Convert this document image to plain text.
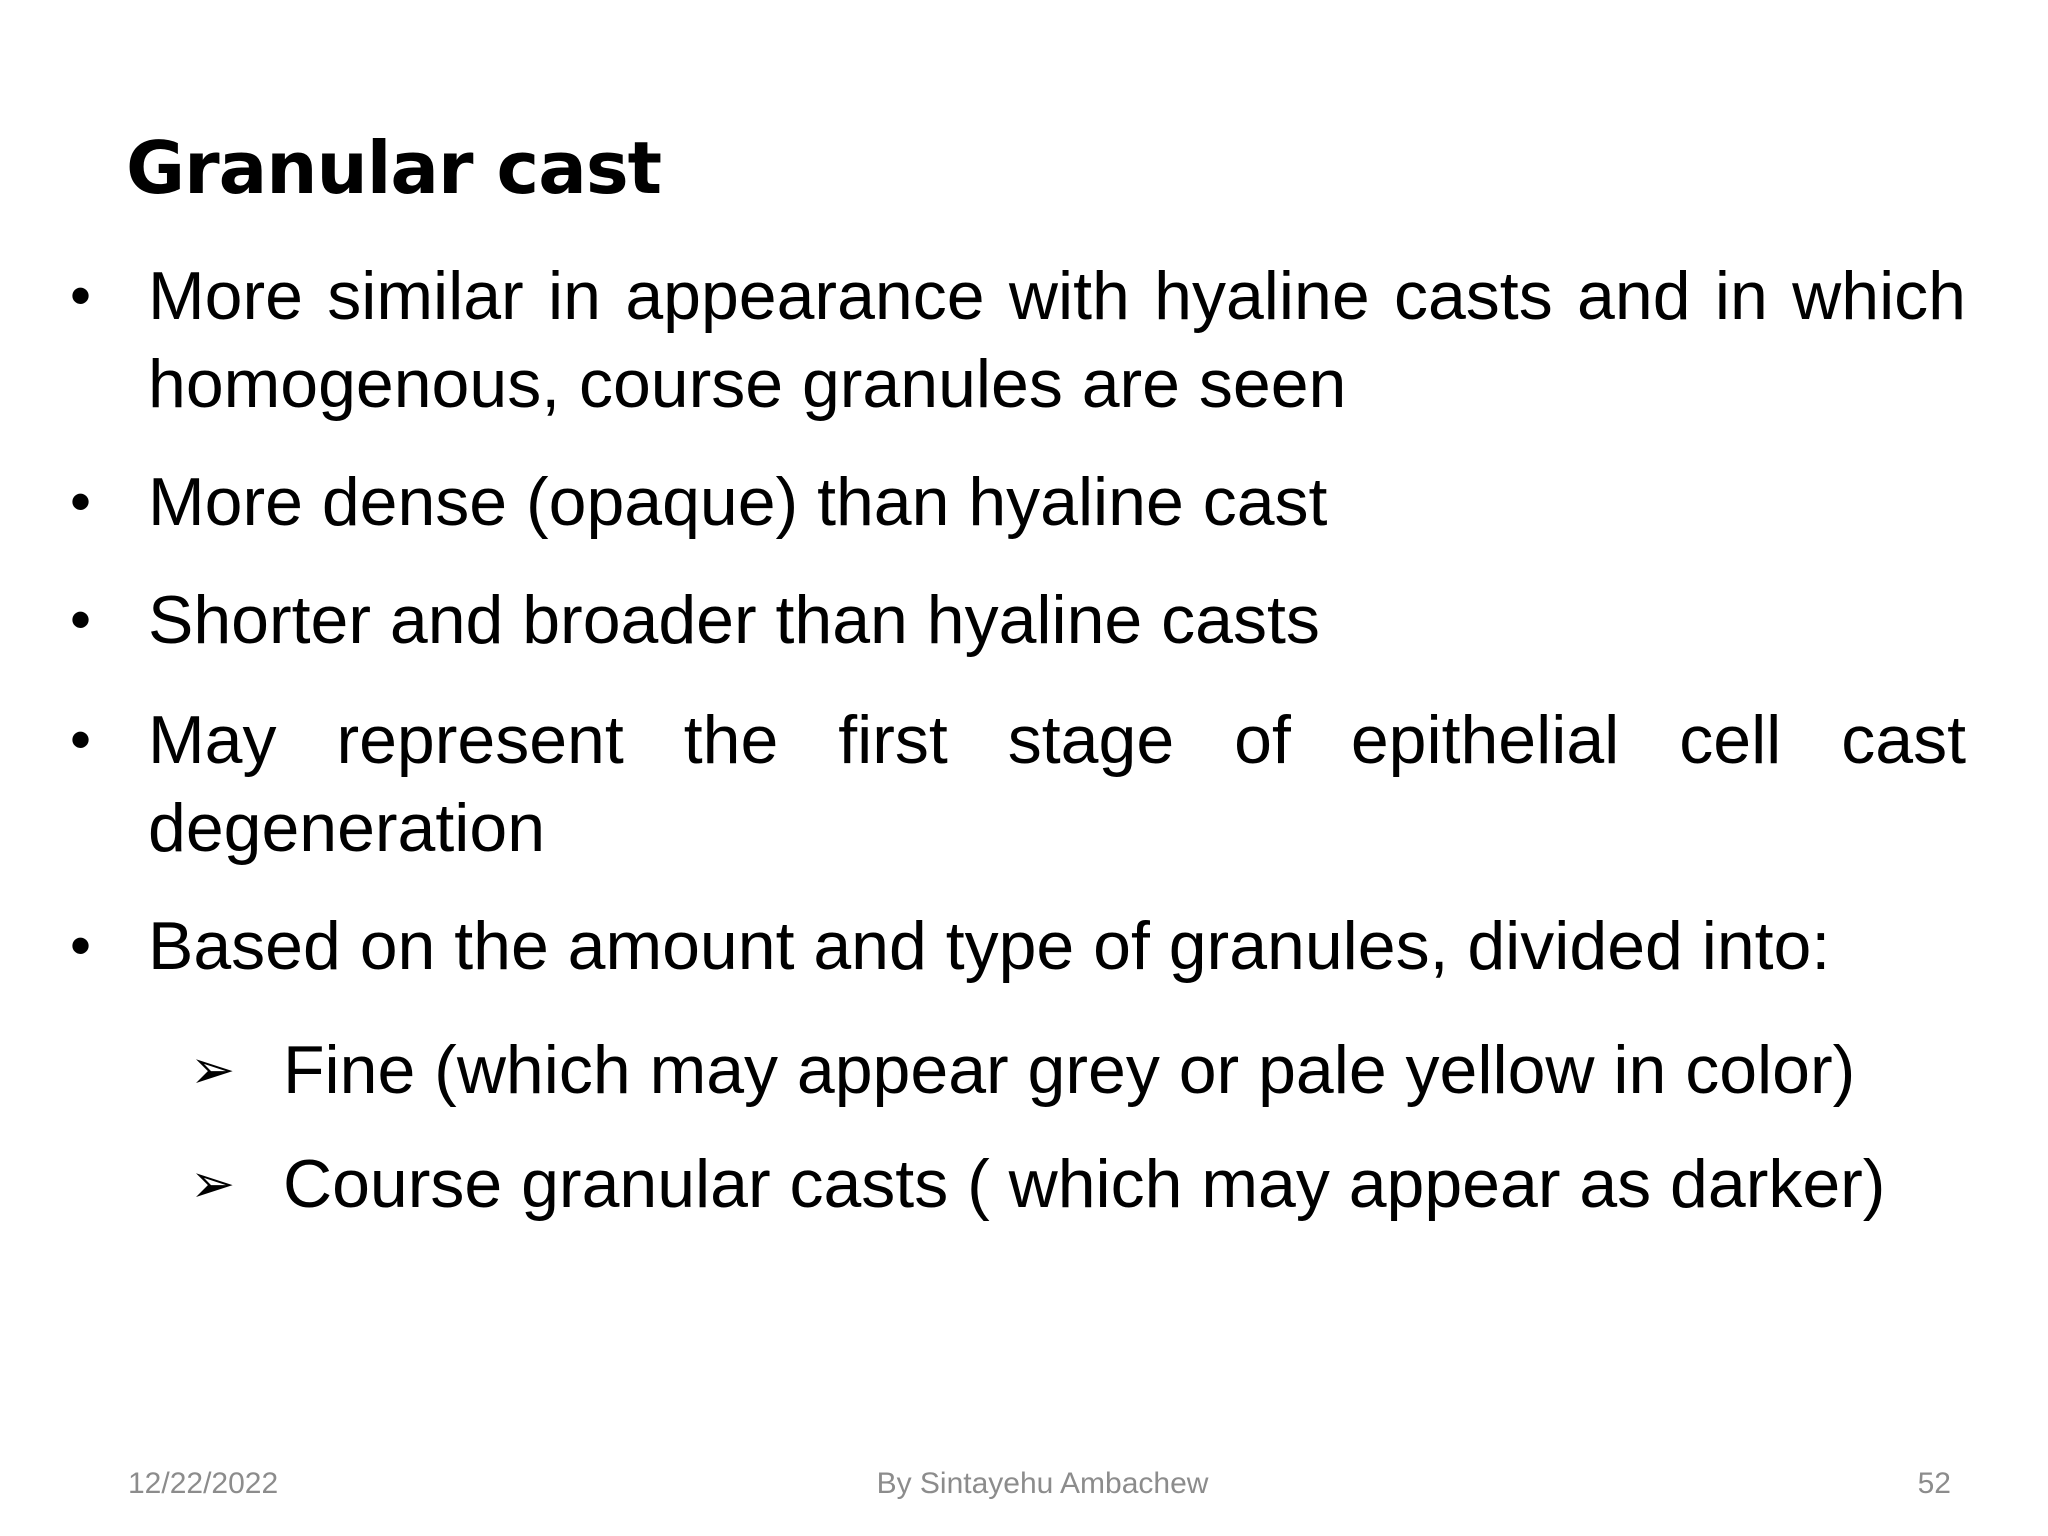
Granular cast
• More similar in appearance with hyaline casts and in which homogenous, course granules are seen
• More dense (opaque) than hyaline cast
• Shorter and broader than hyaline casts
• May represent the first stage of epithelial cell cast degeneration
• Based on the amount and type of granules, divided into:
➢ Fine (which may appear grey or pale yellow in color)
➢ Course granular casts ( which may appear as darker)
12/22/2022	By Sintayehu Ambachew	52
